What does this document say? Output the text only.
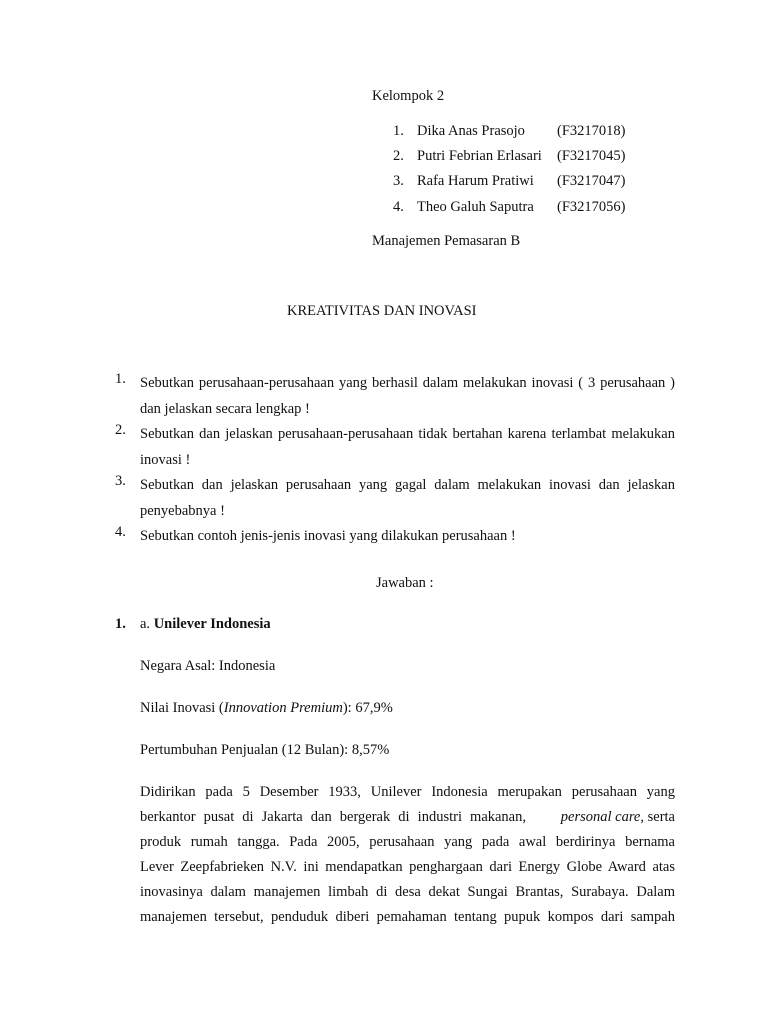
Kelompok 2
1. Dika Anas Prasojo (F3217018)
2. Putri Febrian Erlasari (F3217045)
3. Rafa Harum Pratiwi (F3217047)
4. Theo Galuh Saputra (F3217056)
Manajemen Pemasaran B
KREATIVITAS DAN INOVASI
1. Sebutkan perusahaan-perusahaan yang berhasil dalam melakukan inovasi ( 3 perusahaan ) dan jelaskan secara lengkap !
2. Sebutkan dan jelaskan perusahaan-perusahaan tidak bertahan karena terlambat melakukan inovasi !
3. Sebutkan dan jelaskan perusahaan yang gagal dalam melakukan inovasi dan jelaskan penyebabnya !
4. Sebutkan contoh jenis-jenis inovasi yang dilakukan perusahaan !
Jawaban :
1. a. Unilever Indonesia
Negara Asal: Indonesia
Nilai Inovasi (Innovation Premium): 67,9%
Pertumbuhan Penjualan (12 Bulan): 8,57%
Didirikan pada 5 Desember 1933, Unilever Indonesia merupakan perusahaan yang
berkantor pusat di Jakarta dan bergerak di industri makanan, personal care, serta
produk rumah tangga. Pada 2005, perusahaan yang pada awal berdirinya bernama
Lever Zeepfabrieken N.V. ini mendapatkan penghargaan dari Energy Globe Award atas
inovasinya dalam manajemen limbah di desa dekat Sungai Brantas, Surabaya. Dalam
manajemen tersebut, penduduk diberi pemahaman tentang pupuk kompos dari sampah
